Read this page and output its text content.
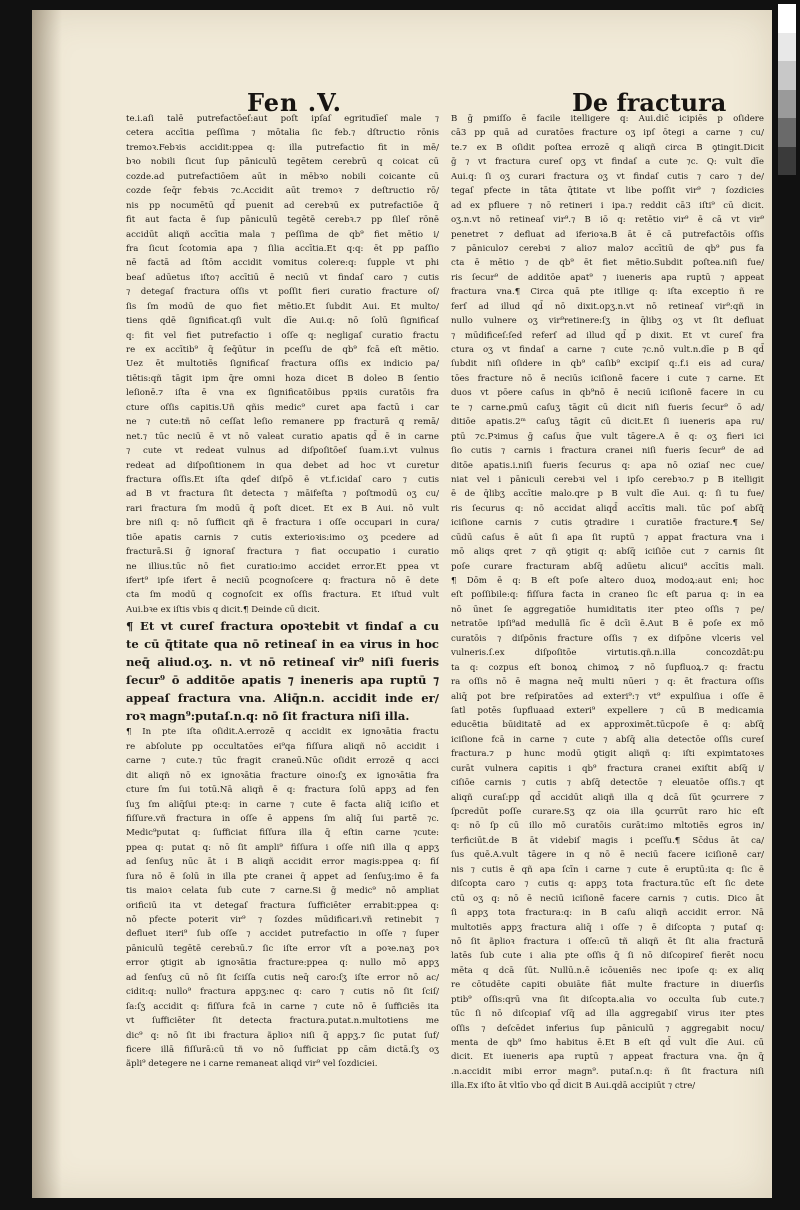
Fen .V.	De fractura
te.i.aſi talē putrefactōeſ:aut poſt ipſaſ egritudīeſ male ⁊
cetera accītia peſſima ⁊ mōtalia ſic feb.⁊ dſtructio rōnis
tremoꝛ.Febꝛis accidit:ppea q: illa putrefactio fit in mē/
bꝛo nobili ſicut ſup pāniculū tegētem cerebrū q coicat cū
cozde.ad putrefactiōem aūt in mēbꝛo nobili coicante cū
cozde ſeq̄r febꝛis ⁊c.Accidit aūt tremoꝛ ⁊ deſtructio rō/
nis pp nocumētū qd̄ puenit ad cerebꝛū ex putrefactiōe q̄
fit aut facta ē ſup pāniculū tegētē cerebꝛ.⁊ pp ſileſ rōnē
accidūt aliqñ accītia mala ⁊ peſſima de qb⁹ fiet mētio i/
fra ſicut ſcotomia apa ⁊ ſilia accītia.Et q:q: ēt pp paſſio
nē factā ad ſtōm accidit vomitus colere:q: ſupple vt phi
beaſ adūetus iſto⁊ accītiū ē neciū vt findaſ caro ⁊ cutis
⁊ detegaſ fractura oſſis vt poſſit fieri curatio fracture oſ/
ſis ſm modū de quo fiet mētio.Et ſubdit Aui. Et multo/
tiens qdē ſignificat.qſi vult dīe Aui.q: nō ſolū ſignificaſ
q: fit vel fiet putrefactio i oſſe q: negligaſ curatio fractu
re ex accītib⁹ q̄ ſeq̄ūtur in pceſſu de qb⁹ fcā eſt mētio.
Uez ēt multotiēs ſignificaſ fractura oſſis ex indicio pa/
tiētis:qñ tāgit ipm q̄re omni hoza dicet B doleo B ſentio
leſionē.⁊ iſta ē vna ex ſignificatōibus ppꝛiis curatōis fra
cture oſſis capitis.Uñ qñis medic⁹ curet apa factū i car
ne ⁊ cute:tñ nō ceſſat leſio remanere pp fracturā q remā/
net.⁊ tūc neciū ē vt nō valeat curatio apatis qd̄ ē in carne
⁊ cute vt redeat vulnus ad diſpoſitōeſ ſuam.i.vt vulnus
redeat ad diſpoſitionem in qua debet ad hoc vt curetur
fractura oſſis.Et iſta qdeſ diſpō ē vt.f.icidaſ caro ⁊ cutis
ad B vt fractura ſit detecta ⁊ māifeſta ⁊ poſtmodū oʒ cu/
rari fractura ſm modū q̄ poſt dicet. Et ex B Aui. nō vult
bre niſi q: nō ſufficit qñ ē fractura i oſſe occupari in cura/
tiōe apatis carnis ⁊ cutis exterioꝛis:imo oʒ pcedere ad
fracturā.Si ḡ ignoraſ fractura ⁊ fiat occupatio i curatio
ne illius.tūc nō fiet curatio:imo accidet error.Et ppea vt
ifert⁹ ipſe ifert ē neciū pcognoſcere q: fractura nō ē dete
cta ſm modū q cognoſcit ex oſſis fractura. Et iſtud vult
Aui.bꝛe ex iſtis vbis q dicit.¶ Deinde cū dicit.
¶ Et vt cureſ fractura opoꝛtebit vt findaſ a cu
te cū q̄titate qua nō retineaſ in ea virus in hoc
neq̄ aliud.oʒ. n. vt nō retineaſ vir⁹ niſi fueris
ſecur⁹ ō additōe apatis ⁊ ineneris apa ruptū ⁊
appeaſ fractura vna. Aliq̄n.n. accidit inde er/
roꝛ magn⁹:putaſ.n.q: nō ſit fractura niſi illa.
¶ In pte iſta oſidit.A.errozē q accidit ex ignoꝛātia fractu
re abſolute pp occultatōes ei⁹qa fiſſura aliqñ nō accidit i
carne ⁊ cute.⁊ tūc fragit craneū.Nūc oſidit errozē q acci
dit aliqñ nō ex ignoꝛātia fracture oino:ſʒ ex ignoꝛātia fra
cture ſm ſui totū.Nā aliqñ ē q: fractura ſolū appʒ ad fen
ſuʒ ſm aliq̄ſui pte:q: in carne ⁊ cute ē facta aliq̄ iciſio et
fiſſure.vñ fractura in oſſe ē appens ſm aliq̄ ſui partē ⁊c.
Medic⁹putat q: ſufficiat fiſſura illa q̄ eſtin carne ⁊cute:
ppea q: putat q: nō ſit ampli⁹ fiſſura i oſſe niſi illa q appʒ
ad ſenſuʒ nūc āt i B aliqñ accidit error magis:ppea q: fiſ
ſura nō ē ſolū in illa pte cranei q̄ appet ad ſenſuʒ:imo ē fa
tis maioꝛ celata ſub cute ⁊ carne.Si ḡ medic⁹ nō ampliat
orificiū ita vt detegaſ fractura ſufficiēter errabit:ppea q:
nō pfecte poterit vir⁹ ⁊ ſozdes mūdificari.vñ retinebit ⁊
defluet iteri⁹ ſub oſſe ⁊ accidet putrefactio in oſſe ⁊ ſuper
pāniculū tegētē cerebꝛū.⁊ ſic iſte error vſt a poꝛe.naʒ poꝛ
error ꝯtigit ab ignoꝛātia fracture:ppea q: nullo mō appʒ
ad ſenſuʒ cū nō ſit ſciſſa cutis neq̄ caro:ſʒ iſte error nō ac/
cidit:q: nullo⁹ fractura appʒ:nec q: caro ⁊ cutis nō ſit ſciſ/
ſa:ſʒ accidit q: fiſſura fcā in carne ⁊ cute nō ē ſufficiēs ita
vt ſufficiēter ſit detecta fractura.putat.n.multotiens me
dic⁹ q: nō ſit ibi fractura ãplioꝛ niſi q̄ appʒ.⁊ ſic putat ſuf/
ficere illā fiſſurā:cū tñ vo nō ſufficiat pp cām dictā.ſʒ oʒ
ãpli⁹ detegere ne i carne remaneat aliqd vir⁹ vel ſozdiciei.
B ḡ pmiſſo ē facile itelligere q: Aui.dic̄ icipiēs p oſidere
cā3 pp quā ad curatōes fracture oʒ ipſ ōtegi a carne ⁊ cu/
te.⁊ ex B oſidit poſtea errozē q aliqñ circa B ꝯtingit.Dicit
ḡ ⁊ vt fractura cureſ opʒ vt findaſ a cute ⁊c. Q: vult dīe
Aui.q: ſi oʒ curari fractura oʒ vt findaſ cutis ⁊ caro ⁊ de/
tegaſ pfecte in tāta q̄titate vt libe poſſit vir⁹ ⁊ ſozdicies
ad ex pfluere ⁊ nō retineri i ipa.⁊ reddit cā3 iſti⁹ cū dicit.
oʒ.n.vt nō retineaſ vir⁹.⁊ B iō q: retētio vir⁹ ē cā vt vir⁹
penetret ⁊ defluat ad iferioꝛa.B āt ē cā putrefactōis oſſis
⁊ pāniculo⁊ cerebꝛi ⁊ alio⁊ malo⁊ accītiū de qb⁹ ꝑus fa
cta ē mētio ⁊ de qb⁹ ēt fiet mētio.Subdit poſtea.niſi fue/
ris ſecur⁹ de additōe apat⁹ ⁊ iueneris apa ruptū ⁊ appeat
fractura vna.¶ Circa quā pte itllige q: iſta exceptio ñ re
ferſ ad illud qd̄ nō dixit.opʒ.n.vt nō retineaſ vir⁹:qñ in
nullo vulnere oʒ vir⁹retinere:ſʒ in q̄libʒ oʒ vt ſit defluat
⁊ mūdificeſ:ſed referſ ad illud qd̄ p dixit. Et vt cureſ fra
ctura oʒ vt findaſ a carne ⁊ cute ⁊c.nō vult.n.dīe p B qd̄
ſubdit niſi oſidere in qb⁹ caſib⁹ excipiſ q:.f.i eis ad cura/
tōes fracture nō ē neciūs iciſionē facere i cute ⁊ carne. Et
duos vt pōere caſus in qb⁹nō ē neciū iciſionē facere in cu
te ⁊ carne.ꝑmū caſuʒ tāgit cū dicit niſi fueris ſecur⁹ ō ad/
ditiōe apatis.2ᵐ caſuʒ tāgit cū dicit.Et ſi iueneris apa ru/
ptū ⁊c.Pꝛimus ḡ caſus q̄ue vult tāgere.A ē q: oʒ fieri ici
ſio cutis ⁊ carnis i fractura cranei niſi fueris ſecur⁹ de ad
ditōe apatis.i.niſi fueris ſecurus q: apa nō oziaſ nec cue/
niat vel i pāniculi cerebꝛi vel i ipſo cerebꝛo.⁊ p B itelligit
ē de q̄libʒ accītie malo.qre p B vult dīe Aui. q: ſi tu fue/
ris ſecurus q: nō accidat aliqd̄ accītis mali. tūc poſ abſq̄
iciſione carnis ⁊ cutis ꝯtradire i curatiōe fracture.¶ Se/
cūdū caſus ē aūt ſi apa ſit ruptū ⁊ appat fractura vna i
mō aliqs qret ⁊ qñ ꝯtigit q: abſq̄ iciſiōe cut ⁊ carnis ſit
poſe curare fracturam abſq̄ adūetu alicui⁹ accītis mali.
¶ Dōm ē q: B eſt poſe alteɾo duoꝝ modoꝝ:aut eni; hoc
eſt poſſibile:q: fiſſura facta in craneo ſic eſt parua q: in ea
nō ūnet ſe aggregatiōe humiditatis iter pteo oſſis ⁊ pe/
netratōe ipſi⁹ad medullā ſīc ē dcīi ē.Aut B ē poſe ex mō
curatōis ⁊ diſpōnis fracture oſſis ⁊ ex diſpōne vlceris vel
vulneris.ſ.ex diſpoſitōe virtutis.qñ.n.illa concozdāt:pu
ta q: cozpus eſt bonoꝝ chimoꝝ ⁊ nō ſupfluoꝝ.⁊ q: fractu
ra oſſis nō ē magna neq̄ multi nūeri ⁊ q: ēt fractura oſſis
aliq̄ pot bre reſpiratōes ad exteri⁹:⁊ vt⁹ expulſiua i oſſe ē
ſatl potēs ſupfluaad exteri⁹ expellere ⁊ cū B medicamia
educētia būiditatē ad ex approximēt.tūcpoſe ē q: abſq̄
iciſione fcā in carne ⁊ cute ⁊ abſq̄ alia detectōe oſſis cureſ
fractura.⁊ p hunc modū ꝯtigit aliqñ q: iſti expimtatoꝛes
curāt vulnera capitis i qb⁹ fractura cranei exiſtit abſq̄ i/
ciſiōe carnis ⁊ cutis ⁊ abſq̄ detectōe ⁊ eleuatōe oſſis.⁊ qt
aliqñ curaſ:pp qd̄ accidūt aliqñ illa q dcā ſūt ꝯcurrere ⁊
ſpcredūt poſſe curare.Sʒ qz oia illa ꝯcurrūt raro hic eſt
q: nō ſp cū illo mō curatōis curāt:imo mltotiēs egros in/
terficiūt.de B āt videbiſ magis i pceſſu.¶ Sc̄dus āt ca/
ſus quē.A.vult tāgere in q nō ē neciū facere iciſionē car/
nis ⁊ cutis ē qñ apa ſcīn i carne ⁊ cute ē eruptū:ita q: ſic ē
diſcopta caro ⁊ cutis q: appʒ tota fractura.tūc eſt ſic dete
ctū oʒ q: nō ē neciū iciſionē facere carnis ⁊ cutis. Dico āt
ſi appʒ tota fractura:q: in B caſu aliqñ accidit error. Nā
multotiēs appʒ fractura aliq̄ i oſſe ⁊ ē diſcopta ⁊ putaſ q:
nō ſit ãplioꝛ fractura i oſſe:cū tñ aliqñ ēt ſit alia fracturā
latēs ſub cute i alia pte oſſis q̄ ſi nō diſcopireſ fierēt nocu
mēta q dcā ſūt. Nullū.n.ē icōueniēs nec ipoſe q: ex aliq
re cōtudēte capiti obuiāte fiāt multe fracture in diuerſis
ptib⁹ oſſis:qrū vna ſit diſcopta.alia vo occulta ſub cute.⁊
tūc ſi nō diſcopiaſ vſq̄ ad illa aggregabiſ virus iter ptes
oſſis ⁊ deſcēdet inferius ſup pāniculū ⁊ aggregabit nocu/
menta de qb⁹ ſmo habitus ē.Et B eſt qd̄ vult dīe Aui. cū
dicit. Et iueneris apa ruptū ⁊ appeat fractura vna. q̄n q̄
.n.accidit mibi error magn⁹. putaſ.n.q: ñ ſit fractura niſi
illa.Ex iſto āt vltīo vbo qd̄ dicit B Aui.qdā accipiūt ⁊ ctre/
